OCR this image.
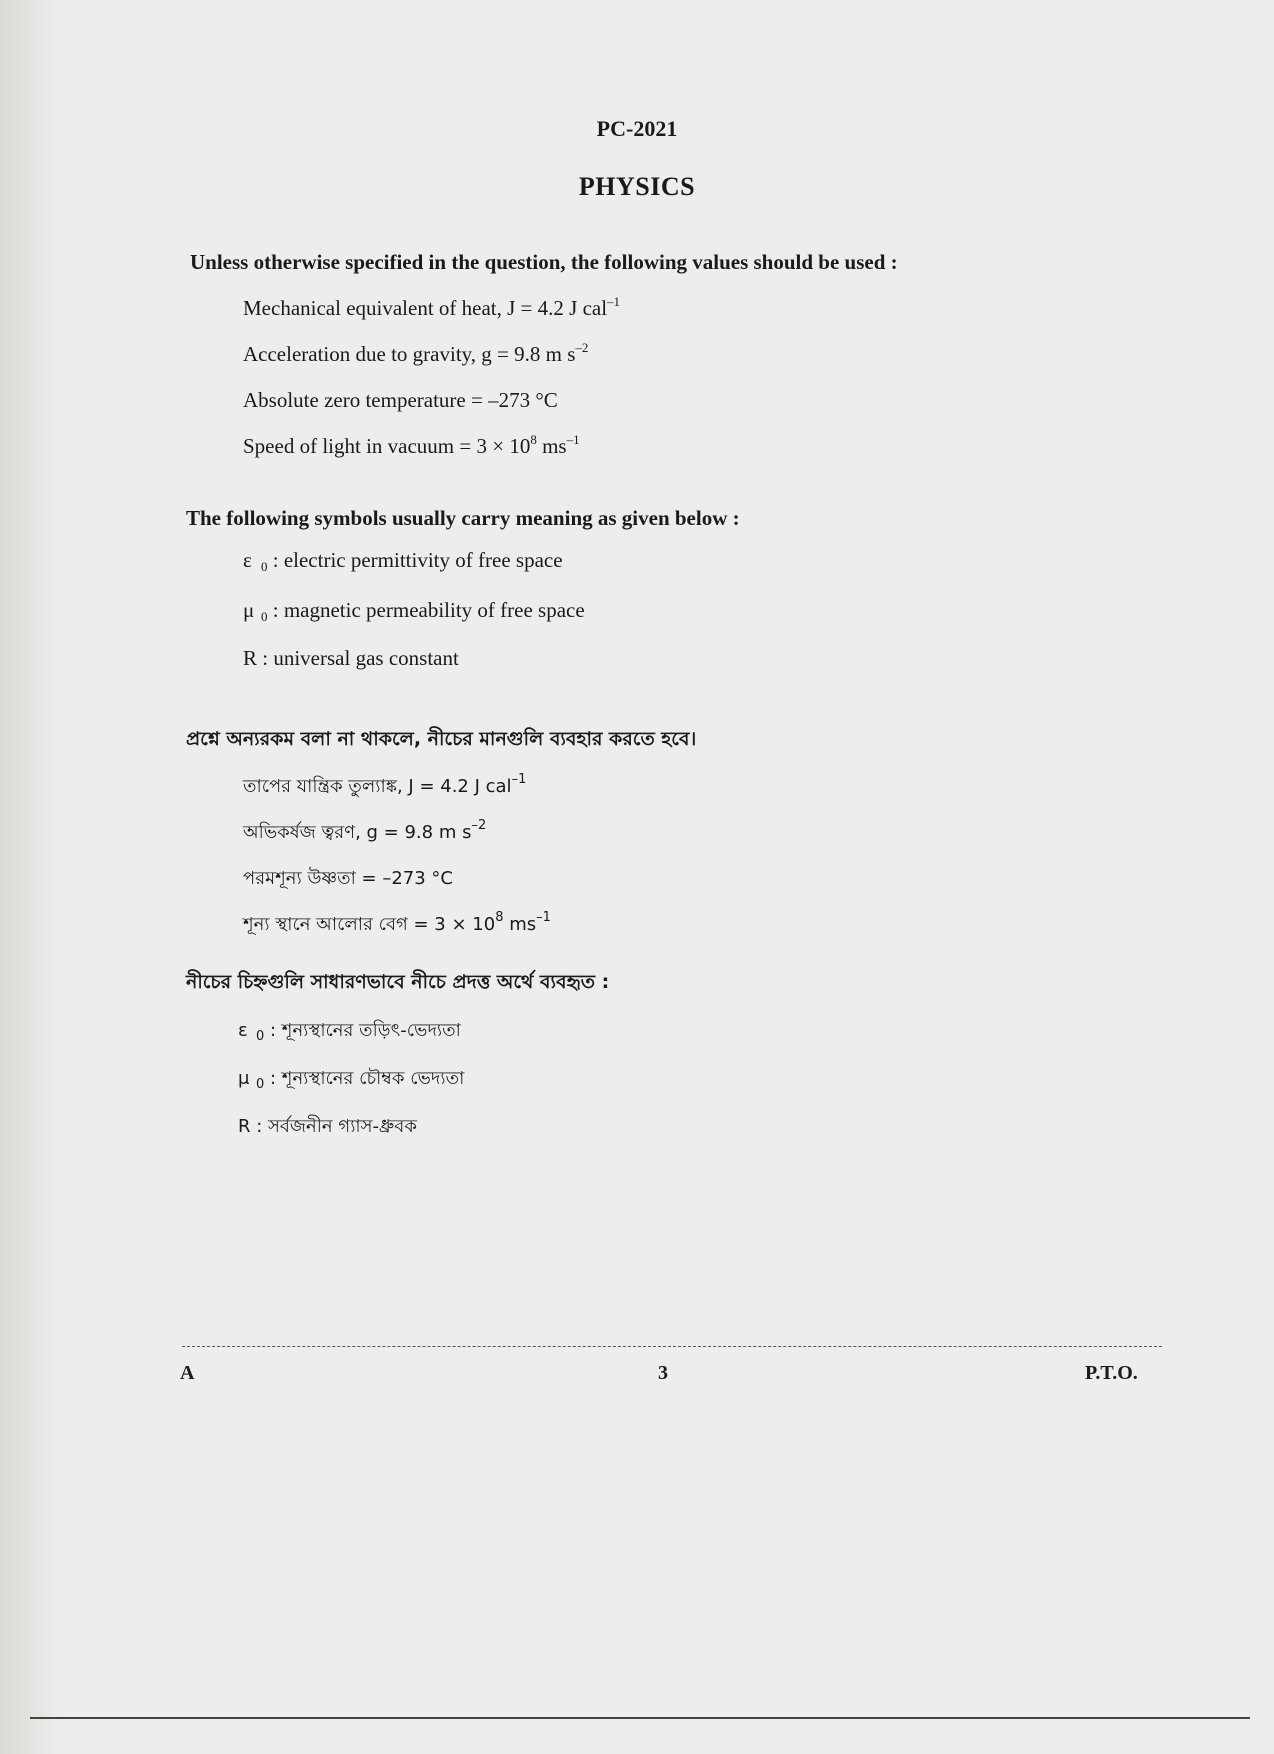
PC-2021
PHYSICS
Unless otherwise specified in the question, the following values should be used :
Mechanical equivalent of heat, J = 4.2 J cal$^{-1}$
Acceleration due to gravity, g = 9.8 m $s^{-2}$
Absolute zero temperature = –273 °C
Speed of light in vacuum = $3 \times 10^8$ $ms^{-1}$
The following symbols usually carry meaning as given below :
ε $_0$ : electric permittivity of free space
μ $_0$ : magnetic permeability of free space
R : universal gas constant
প্রশ্নে অন্যরকম বলা না থাকলে, নীচের মানগুলি ব্যবহার করতে হবে।
তাপের যান্ত্রিক তুল্যাঙ্ক, J = 4.2 J cal$^{-1}$
অভিকর্ষজ ত্বরণ, g = 9.8 m $s^{-2}$
পরমশূন্য উষ্ণতা = –273 °C
শূন্য স্থানে আলোর বেগ = $3 \times 10^8$ $ms^{-1}$
নীচের চিহ্নগুলি সাধারণভাবে নীচে প্রদত্ত অর্থে ব্যবহৃত :
ε $_0$ : শূন্যস্থানের তড়িৎ-ভেদ্যতা
μ $_0$ : শূন্যস্থানের চৌম্বক ভেদ্যতা
R : সর্বজনীন গ্যাস-ধ্রুবক
A	3	P.T.O.
